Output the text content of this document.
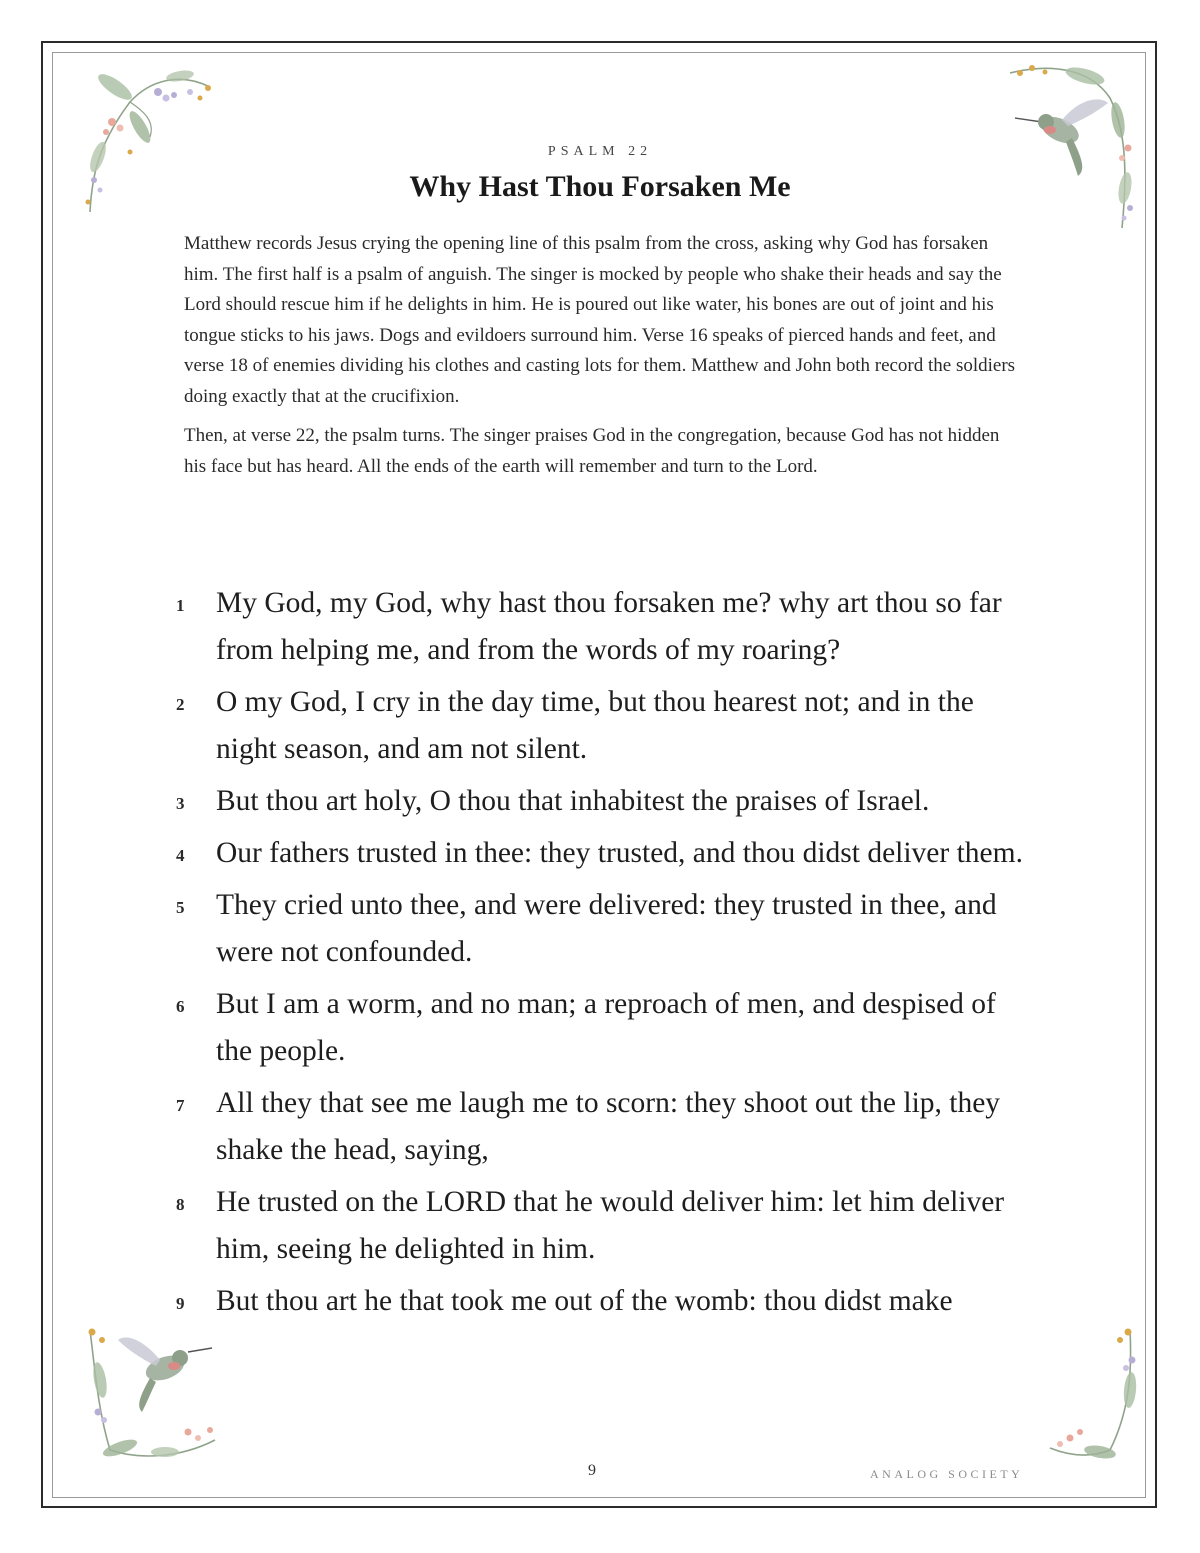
PSALM 22
Why Hast Thou Forsaken Me

Matthew records Jesus crying the opening line of this psalm from the cross, asking why God has forsaken him. The first half is a psalm of anguish. The singer is mocked by people who shake their heads and say the Lord should rescue him if he delights in him. He is poured out like water, his bones are out of joint and his tongue sticks to his jaws. Dogs and evildoers surround him. Verse 16 speaks of pierced hands and feet, and verse 18 of enemies dividing his clothes and casting lots for them. Matthew and John both record the soldiers doing exactly that at the crucifixion.

Then, at verse 22, the psalm turns. The singer praises God in the congregation, because God has not hidden his face but has heard. All the ends of the earth will remember and turn to the Lord.

1	My God, my God, why hast thou forsaken me? why art thou so far from helping me, and from the words of my roaring?
2	O my God, I cry in the day time, but thou hearest not; and in the night season, and am not silent.
3	But thou art holy, O thou that inhabitest the praises of Israel.
4	Our fathers trusted in thee: they trusted, and thou didst deliver them.
5	They cried unto thee, and were delivered: they trusted in thee, and were not confounded.
6	But I am a worm, and no man; a reproach of men, and despised of the people.
7	All they that see me laugh me to scorn: they shoot out the lip, they shake the head, saying,
8	He trusted on the LORD that he would deliver him: let him deliver him, seeing he delighted in him.
9	But thou art he that took me out of the womb: thou didst make
9	ANALOG SOCIETY
